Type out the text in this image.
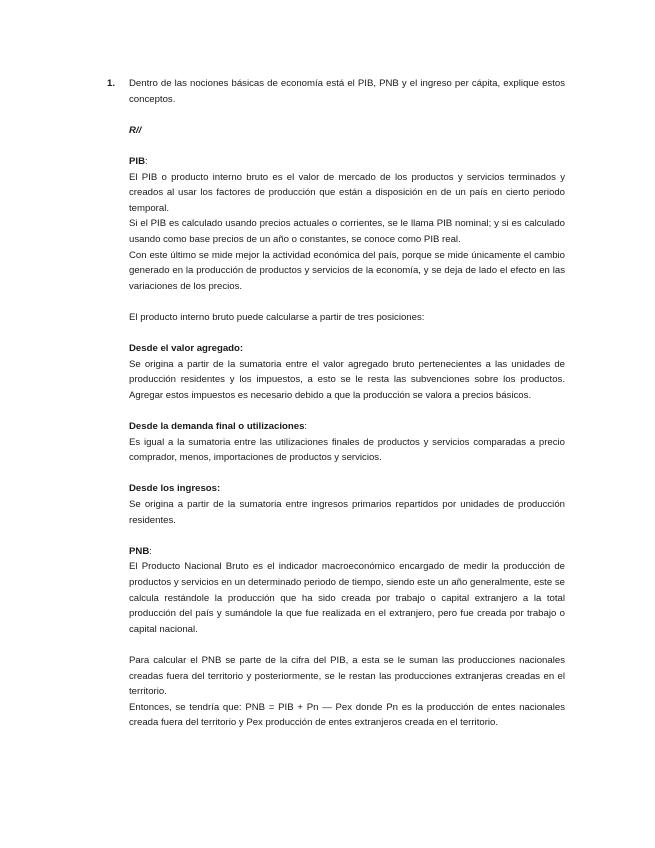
1. Dentro de las nociones básicas de economía está el PIB, PNB y el ingreso per cápita, explique estos conceptos.

R//

PIB:

El PIB o producto interno bruto es el valor de mercado de los productos y servicios terminados y creados al usar los factores de producción que están a disposición en de un país en cierto periodo temporal.

Si el PIB es calculado usando precios actuales o corrientes, se le llama PIB nominal; y si es calculado usando como base precios de un año o constantes, se conoce como PIB real.

Con este último se mide mejor la actividad económica del país, porque se mide únicamente el cambio generado en la producción de productos y servicios de la economía, y se deja de lado el efecto en las variaciones de los precios.

El producto interno bruto puede calcularse a partir de tres posiciones:

Desde el valor agregado:

Se origina a partir de la sumatoria entre el valor agregado bruto pertenecientes a las unidades de producción residentes y los impuestos, a esto se le resta las subvenciones sobre los productos. Agregar estos impuestos es necesario debido a que la producción se valora a precios básicos.

Desde la demanda final o utilizaciones:

Es igual a la sumatoria entre las utilizaciones finales de productos y servicios comparadas a precio comprador, menos, importaciones de productos y servicios.

Desde los ingresos:

Se origina a partir de la sumatoria entre ingresos primarios repartidos por unidades de producción residentes.

PNB:

El Producto Nacional Bruto es el indicador macroeconómico encargado de medir la producción de productos y servicios en un determinado periodo de tiempo, siendo este un año generalmente, este se calcula restándole la producción que ha sido creada por trabajo o capital extranjero a la total producción del país y sumándole la que fue realizada en el extranjero, pero fue creada por trabajo o capital nacional.

Para calcular el PNB se parte de la cifra del PIB, a esta se le suman las producciones nacionales creadas fuera del territorio y posteriormente, se le restan las producciones extranjeras creadas en el territorio.

Entonces, se tendría que: PNB = PIB + Pn — Pex donde Pn es la producción de entes nacionales creada fuera del territorio y Pex producción de entes extranjeros creada en el territorio.
